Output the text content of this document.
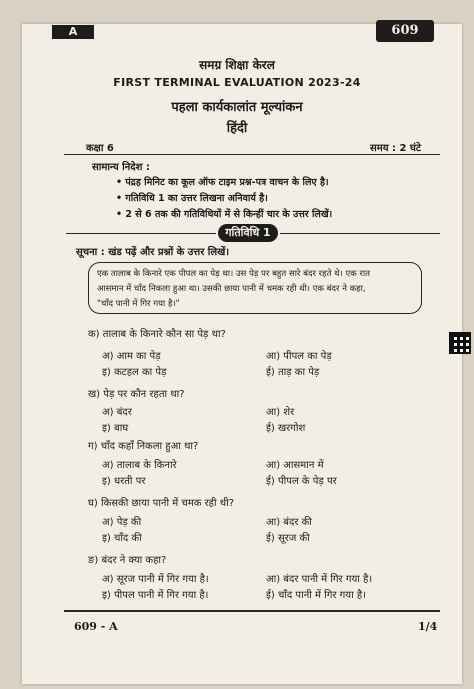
A	609
समग्र शिक्षा केरल
FIRST TERMINAL EVALUATION 2023-24
पहला कार्यकालांत मूल्यांकन
हिंदी
कक्षा 6	समय : 2 घंटे
सामान्य निदेश :
• पंद्रह मिनिट का कूल ऑफ टाइम प्रश्न-पत्र वाचन के लिए है।
• गतिविधि 1 का उत्तर लिखना अनिवार्य है।
• 2 से 6 तक की गतिविधियों में से किन्हीं चार के उत्तर लिखें।
गतिविधि 1
सूचना : खंड पढ़ें और प्रश्नों के उत्तर लिखें।
एक तालाब के किनारे एक पीपल का पेड़ था। उस पेड़ पर बहुत सारे बंदर रहते थे। एक रात
आसमान में चाँद निकला हुआ था। उसकी छाया पानी में चमक रही थी। एक बंदर ने कहा,
"चाँद पानी में गिर गया है।"
क) तालाब के किनारे कौन सा पेड़ था?
अ) आम का पेड़	आ) पीपल का पेड़
इ) कटहल का पेड़	ई) ताड़ का पेड़
ख) पेड़ पर कौन रहता था?
अ) बंदर	आ) शेर
इ) बाघ	ई) खरगोश
ग) चाँद कहाँ निकला हुआ था?
अ) तालाब के किनारे	आ) आसमान में
इ) धरती पर	ई) पीपल के पेड़ पर
घ) किसकी छाया पानी में चमक रही थी?
अ) पेड़ की	आ) बंदर की
इ) चाँद की	ई) सूरज की
ङ) बंदर ने क्या कहा?
अ) सूरज पानी में गिर गया है।	आ) बंदर पानी में गिर गया है।
इ) पीपल पानी में गिर गया है।	ई) चाँद पानी में गिर गया है।
609 - A	1/4
